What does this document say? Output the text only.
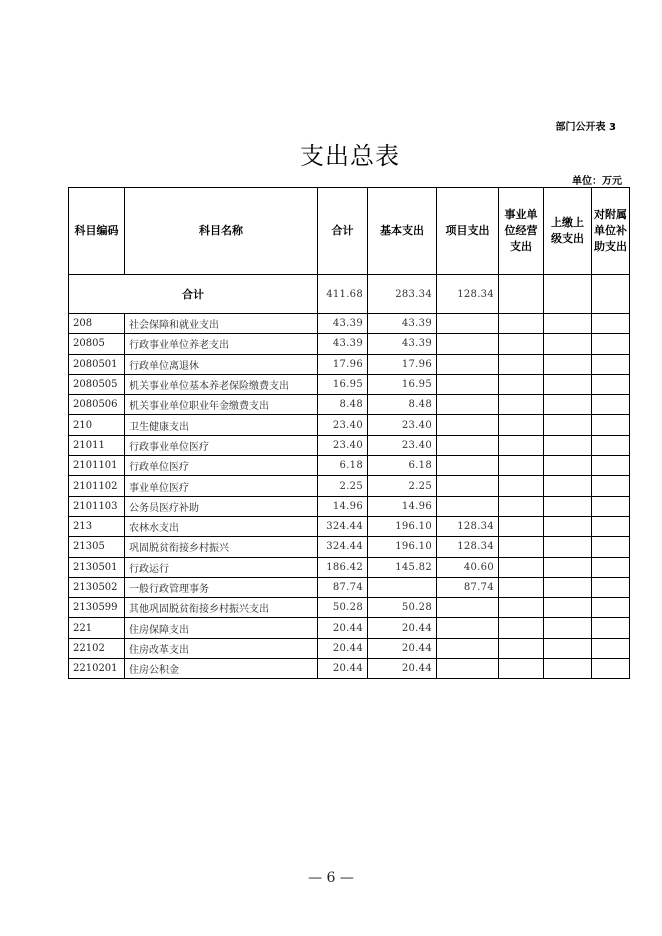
部门公开表 3
支出总表
单位：万元
科目编码	科目名称	合计	基本支出	项目支出	事业单位经营支出	上缴上级支出	对附属单位补助支出
合计		411.68	283.34	128.34			
208	社会保障和就业支出	43.39	43.39				
20805	行政事业单位养老支出	43.39	43.39				
2080501	行政单位离退休	17.96	17.96				
2080505	机关事业单位基本养老保险缴费支出	16.95	16.95				
2080506	机关事业单位职业年金缴费支出	8.48	8.48				
210	卫生健康支出	23.40	23.40				
21011	行政事业单位医疗	23.40	23.40				
2101101	行政单位医疗	6.18	6.18				
2101102	事业单位医疗	2.25	2.25				
2101103	公务员医疗补助	14.96	14.96				
213	农林水支出	324.44	196.10	128.34			
21305	巩固脱贫衔接乡村振兴	324.44	196.10	128.34			
2130501	行政运行	186.42	145.82	40.60			
2130502	一般行政管理事务	87.74		87.74			
2130599	其他巩固脱贫衔接乡村振兴支出	50.28	50.28				
221	住房保障支出	20.44	20.44				
22102	住房改革支出	20.44	20.44				
2210201	住房公积金	20.44	20.44				
— 6 —
